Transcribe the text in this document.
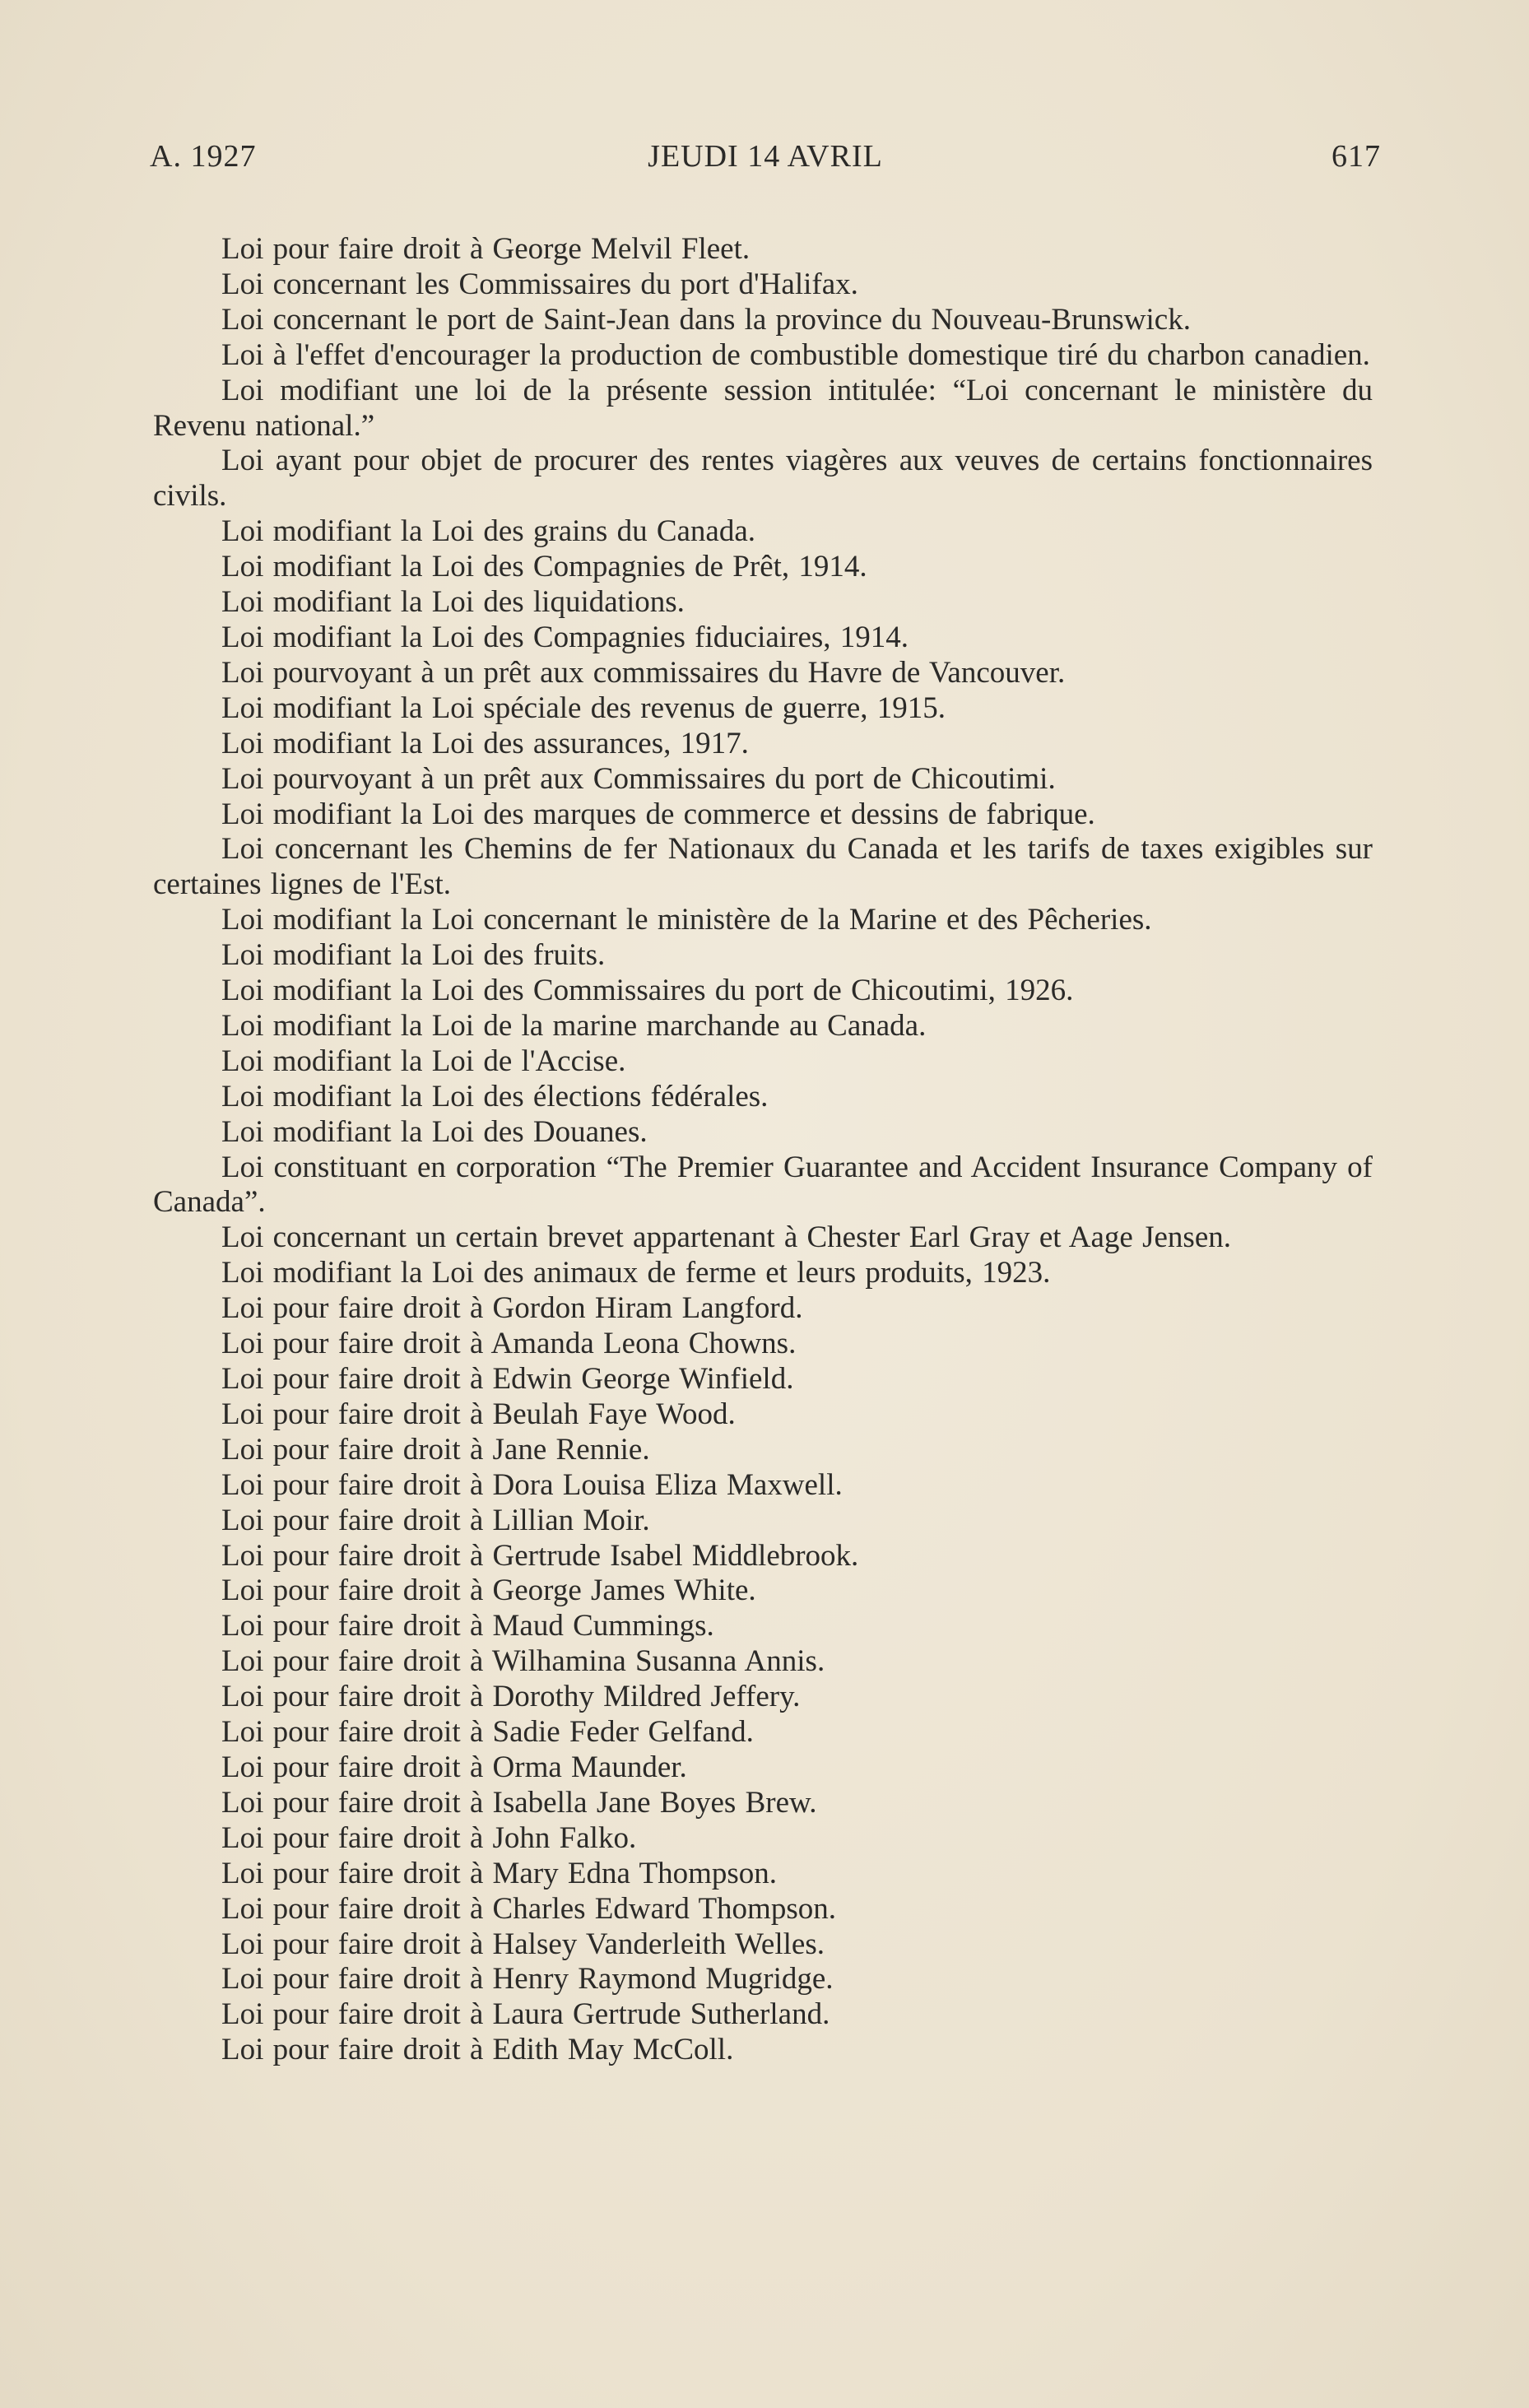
A. 1927	JEUDI 14 AVRIL	617
Loi pour faire droit à George Melvil Fleet.
Loi concernant les Commissaires du port d'Halifax.
Loi concernant le port de Saint-Jean dans la province du Nouveau-Brunswick.
Loi à l'effet d'encourager la production de combustible domestique tiré du charbon canadien.
Loi modifiant une loi de la présente session intitulée: “Loi concernant le ministère du Revenu national.”
Loi ayant pour objet de procurer des rentes viagères aux veuves de certains fonctionnaires civils.
Loi modifiant la Loi des grains du Canada.
Loi modifiant la Loi des Compagnies de Prêt, 1914.
Loi modifiant la Loi des liquidations.
Loi modifiant la Loi des Compagnies fiduciaires, 1914.
Loi pourvoyant à un prêt aux commissaires du Havre de Vancouver.
Loi modifiant la Loi spéciale des revenus de guerre, 1915.
Loi modifiant la Loi des assurances, 1917.
Loi pourvoyant à un prêt aux Commissaires du port de Chicoutimi.
Loi modifiant la Loi des marques de commerce et dessins de fabrique.
Loi concernant les Chemins de fer Nationaux du Canada et les tarifs de taxes exigibles sur certaines lignes de l'Est.
Loi modifiant la Loi concernant le ministère de la Marine et des Pêcheries.
Loi modifiant la Loi des fruits.
Loi modifiant la Loi des Commissaires du port de Chicoutimi, 1926.
Loi modifiant la Loi de la marine marchande au Canada.
Loi modifiant la Loi de l'Accise.
Loi modifiant la Loi des élections fédérales.
Loi modifiant la Loi des Douanes.
Loi constituant en corporation “The Premier Guarantee and Accident Insurance Company of Canada”.
Loi concernant un certain brevet appartenant à Chester Earl Gray et Aage Jensen.
Loi modifiant la Loi des animaux de ferme et leurs produits, 1923.
Loi pour faire droit à Gordon Hiram Langford.
Loi pour faire droit à Amanda Leona Chowns.
Loi pour faire droit à Edwin George Winfield.
Loi pour faire droit à Beulah Faye Wood.
Loi pour faire droit à Jane Rennie.
Loi pour faire droit à Dora Louisa Eliza Maxwell.
Loi pour faire droit à Lillian Moir.
Loi pour faire droit à Gertrude Isabel Middlebrook.
Loi pour faire droit à George James White.
Loi pour faire droit à Maud Cummings.
Loi pour faire droit à Wilhamina Susanna Annis.
Loi pour faire droit à Dorothy Mildred Jeffery.
Loi pour faire droit à Sadie Feder Gelfand.
Loi pour faire droit à Orma Maunder.
Loi pour faire droit à Isabella Jane Boyes Brew.
Loi pour faire droit à John Falko.
Loi pour faire droit à Mary Edna Thompson.
Loi pour faire droit à Charles Edward Thompson.
Loi pour faire droit à Halsey Vanderleith Welles.
Loi pour faire droit à Henry Raymond Mugridge.
Loi pour faire droit à Laura Gertrude Sutherland.
Loi pour faire droit à Edith May McColl.
